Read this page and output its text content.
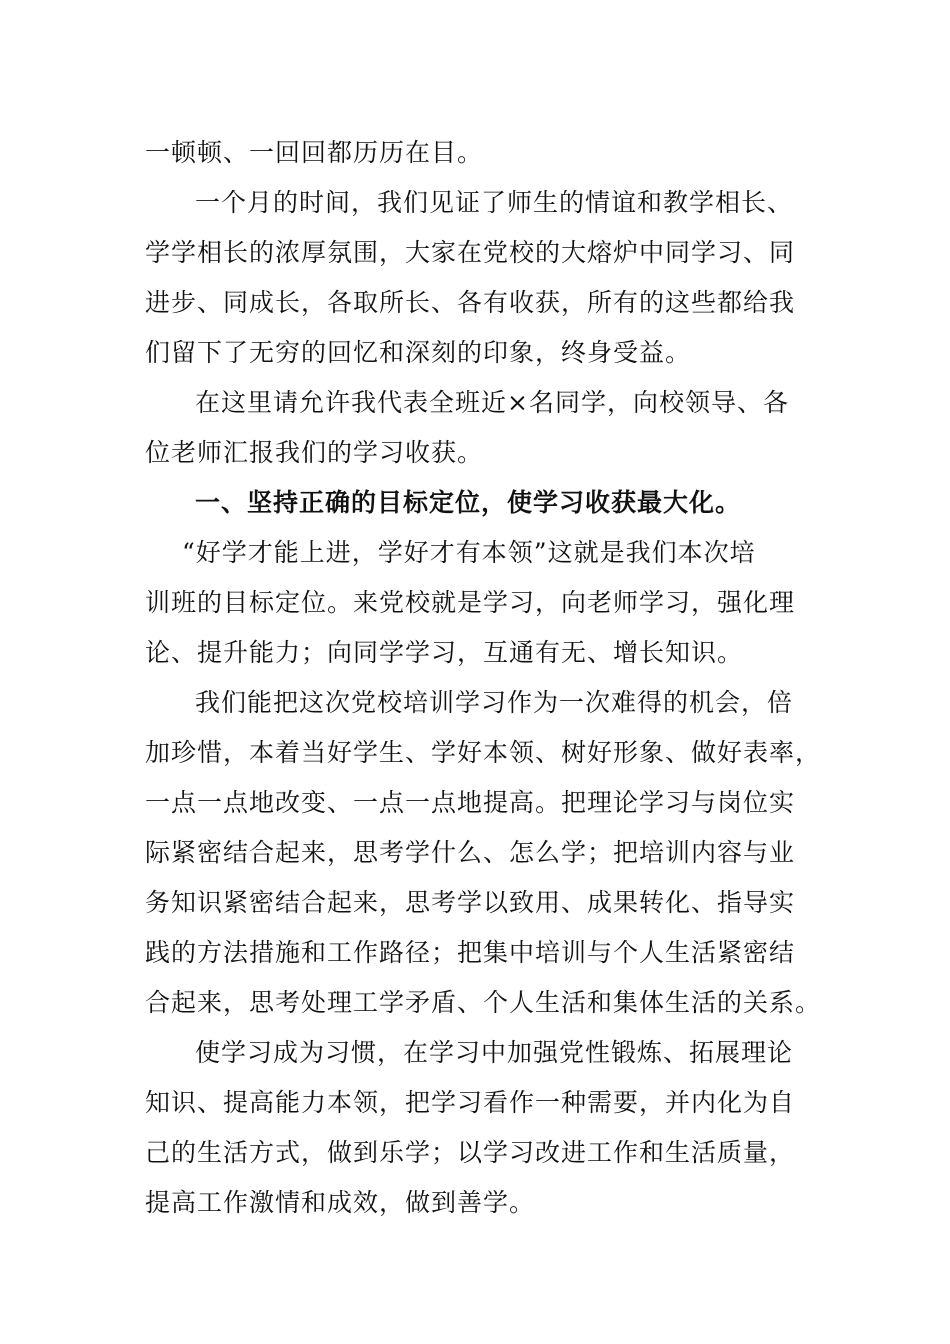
一顿顿、一回回都历历在目。
一个月的时间，我们见证了师生的情谊和教学相长、
学学相长的浓厚氛围，大家在党校的大熔炉中同学习、同
进步、同成长，各取所长、各有收获，所有的这些都给我
们留下了无穷的回忆和深刻的印象，终身受益。
在这里请允许我代表全班近×名同学，向校领导、各
位老师汇报我们的学习收获。
一、坚持正确的目标定位，使学习收获最大化。
“好学才能上进，学好才有本领”这就是我们本次培
训班的目标定位。来党校就是学习，向老师学习，强化理
论、提升能力；向同学学习，互通有无、增长知识。
我们能把这次党校培训学习作为一次难得的机会，倍
加珍惜，本着当好学生、学好本领、树好形象、做好表率，
一点一点地改变、一点一点地提高。把理论学习与岗位实
际紧密结合起来，思考学什么、怎么学；把培训内容与业
务知识紧密结合起来，思考学以致用、成果转化、指导实
践的方法措施和工作路径；把集中培训与个人生活紧密结
合起来，思考处理工学矛盾、个人生活和集体生活的关系。
使学习成为习惯，在学习中加强党性锻炼、拓展理论
知识、提高能力本领，把学习看作一种需要，并内化为自
己的生活方式，做到乐学；以学习改进工作和生活质量，
提高工作激情和成效，做到善学。
